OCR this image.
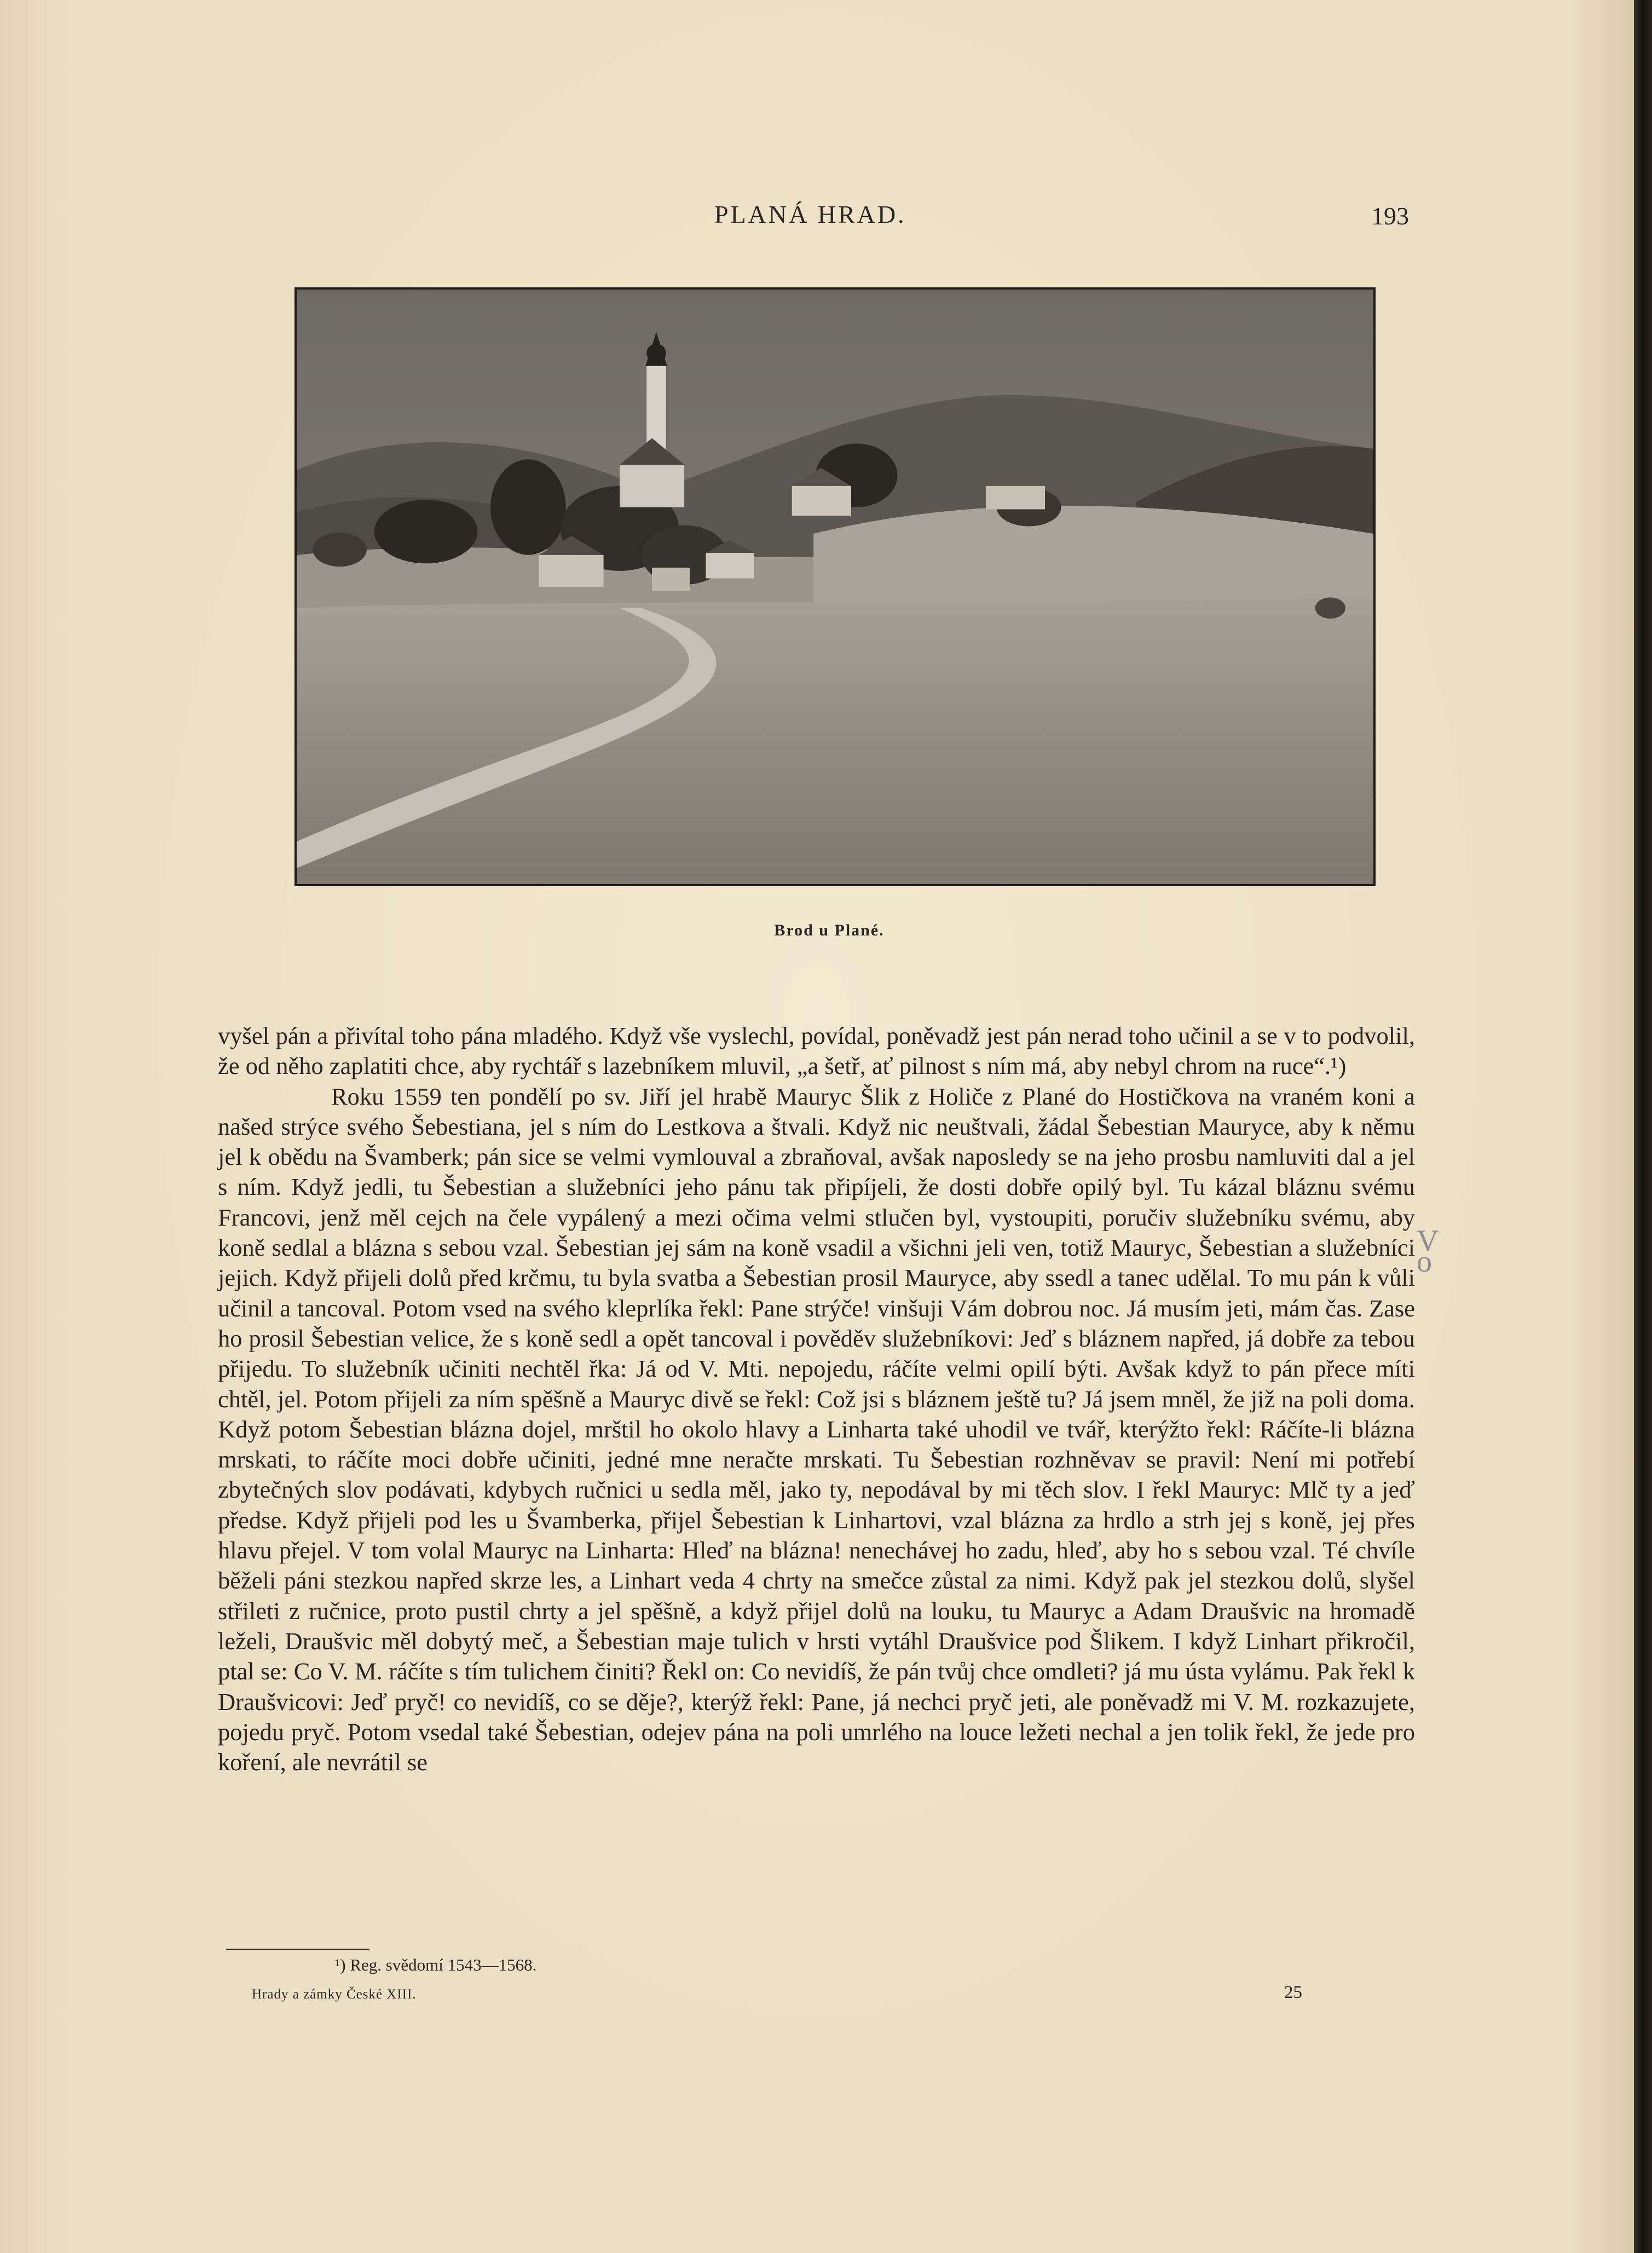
PLANÁ HRAD.	193
Brod u Plané.

vyšel pán a přivítal toho pána mladého. Když vše vyslechl, povídal, poněvadž jest pán nerad toho učinil a se v to podvolil, že od něho zaplatiti chce, aby rychtář s lazebníkem mluvil, „a šetř, ať pilnost s ním má, aby nebyl chrom na ruce“.¹)

Roku 1559 ten pondělí po sv. Jiří jel hrabě Mauryc Šlik z Holiče z Plané do Hostičkova na vraném koni a našed strýce svého Šebestiana, jel s ním do Lestkova a štvali. Když nic neuštvali, žádal Šebestian Mauryce, aby k němu jel k obědu na Švamberk; pán sice se velmi vymlouval a zbraňoval, avšak naposledy se na jeho prosbu namluviti dal a jel s ním. Když jedli, tu Šebestian a služebníci jeho pánu tak připíjeli, že dosti dobře opilý byl. Tu kázal bláznu svému Francovi, jenž měl cejch na čele vypálený a mezi očima velmi stlučen byl, vystoupiti, poručiv služebníku svému, aby koně sedlal a blázna s sebou vzal. Šebestian jej sám na koně vsadil a všichni jeli ven, totiž Mauryc, Šebestian a služebníci jejich. Když přijeli dolů před krčmu, tu byla svatba a Šebestian prosil Mauryce, aby ssedl a tanec udělal. To mu pán k vůli učinil a tancoval. Potom vsed na svého kleprlíka řekl: Pane strýče! vinšuji Vám dobrou noc. Já musím jeti, mám čas. Zase ho prosil Šebestian velice, že s koně sedl a opět tancoval i pověděv služebníkovi: Jeď s bláznem napřed, já dobře za tebou přijedu. To služebník učiniti nechtěl řka: Já od V. Mti. nepojedu, ráčíte velmi opilí býti. Avšak když to pán přece míti chtěl, jel. Potom přijeli za ním spěšně a Mauryc divě se řekl: Což jsi s bláznem ještě tu? Já jsem mněl, že již na poli doma. Když potom Šebestian blázna dojel, mrštil ho okolo hlavy a Linharta také uhodil ve tvář, kterýžto řekl: Ráčíte-li blázna mrskati, to ráčíte moci dobře učiniti, jedné mne neračte mrskati. Tu Šebestian rozhněvav se pravil: Není mi potřebí zbytečných slov podávati, kdybych ručnici u sedla měl, jako ty, nepodával by mi těch slov. I řekl Mauryc: Mlč ty a jeď předse. Když přijeli pod les u Švamberka, přijel Šebestian k Linhartovi, vzal blázna za hrdlo a strh jej s koně, jej přes hlavu přejel. V tom volal Mauryc na Linharta: Hleď na blázna! nenechávej ho zadu, hleď, aby ho s sebou vzal. Té chvíle běželi páni stezkou napřed skrze les, a Linhart veda 4 chrty na smečce zůstal za nimi. Když pak jel stezkou dolů, slyšel střileti z ručnice, proto pustil chrty a jel spěšně, a když přijel dolů na louku, tu Mauryc a Adam Draušvic na hromadě leželi, Draušvic měl dobytý meč, a Šebestian maje tulich v hrsti vytáhl Draušvice pod Šlikem. I když Linhart přikročil, ptal se: Co V. M. ráčíte s tím tulichem činiti? Řekl on: Co nevidíš, že pán tvůj chce omdleti? já mu ústa vylámu. Pak řekl k Draušvicovi: Jeď pryč! co nevidíš, co se děje?, kterýž řekl: Pane, já nechci pryč jeti, ale poněvadž mi V. M. rozkazujete, pojedu pryč. Potom vsedal také Šebestian, odejev pána na poli umrlého na louce ležeti nechal a jen tolik řekl, že jede pro koření, ale nevrátil se

V
o
¹) Reg. svědomí 1543—1568.
Hrady a zámky České XIII.	25
